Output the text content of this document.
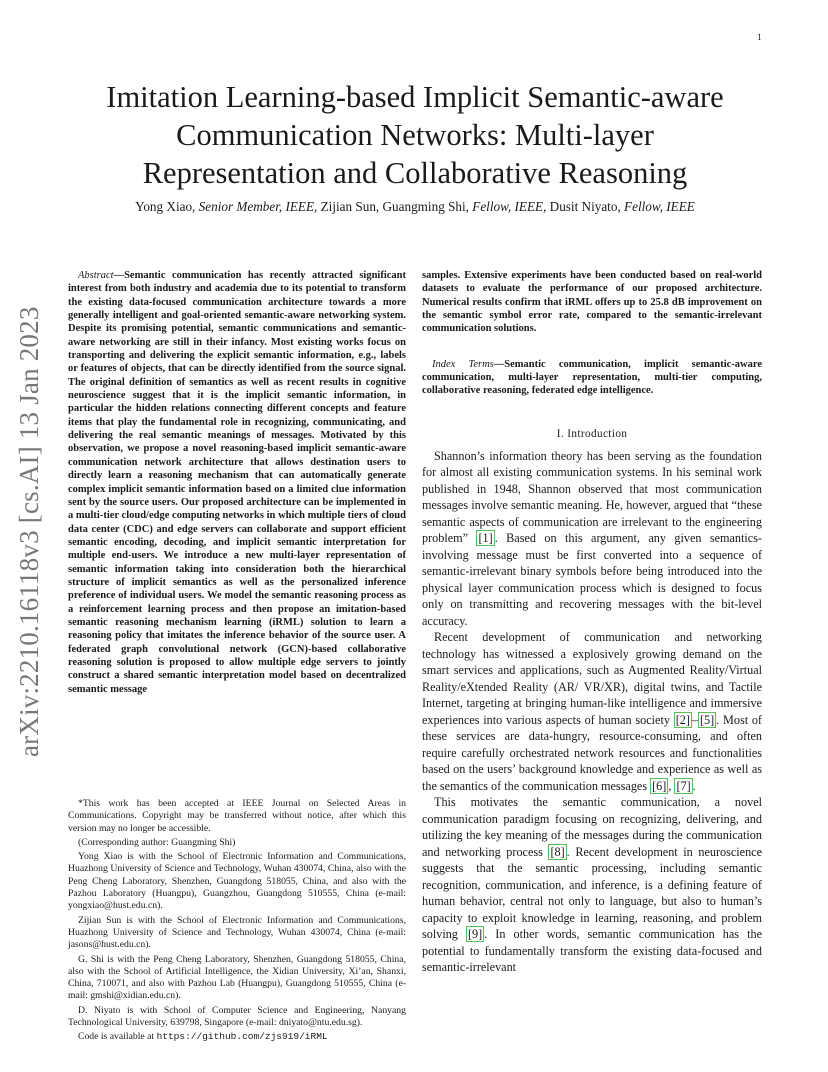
1
arXiv:2210.16118v3 [cs.AI] 13 Jan 2023
Imitation Learning-based Implicit Semantic-aware
Communication Networks: Multi-layer
Representation and Collaborative Reasoning
Yong Xiao, Senior Member, IEEE, Zijian Sun, Guangming Shi, Fellow, IEEE, Dusit Niyato, Fellow, IEEE

Abstract—Semantic communication has recently attracted significant interest from both industry and academia due to its potential to transform the existing data-focused communication architecture towards a more generally intelligent and goal-oriented semantic-aware networking system. Despite its promising potential, semantic communications and semantic-aware networking are still in their infancy. Most existing works focus on transporting and delivering the explicit semantic information, e.g., labels or features of objects, that can be directly identified from the source signal. The original definition of semantics as well as recent results in cognitive neuroscience suggest that it is the implicit semantic information, in particular the hidden relations connecting different concepts and feature items that play the fundamental role in recognizing, communicating, and delivering the real semantic meanings of messages. Motivated by this observation, we propose a novel reasoning-based implicit semantic-aware communication network architecture that allows destination users to directly learn a reasoning mechanism that can automatically generate complex implicit semantic information based on a limited clue information sent by the source users. Our proposed architecture can be implemented in a multi-tier cloud/edge computing networks in which multiple tiers of cloud data center (CDC) and edge servers can collaborate and support efficient semantic encoding, decoding, and implicit semantic interpretation for multiple end-users. We introduce a new multi-layer representation of semantic information taking into consideration both the hierarchical structure of implicit semantics as well as the personalized inference preference of individual users. We model the semantic reasoning process as a reinforcement learning process and then propose an imitation-based semantic reasoning mechanism learning (iRML) solution to learn a reasoning policy that imitates the inference behavior of the source user. A federated graph convolutional network (GCN)-based collaborative reasoning solution is proposed to allow multiple edge servers to jointly construct a shared semantic interpretation model based on decentralized semantic message

*This work has been accepted at IEEE Journal on Selected Areas in Communications. Copyright may be transferred without notice, after which this version may no longer be accessible.

(Corresponding author: Guangming Shi)

Yong Xiao is with the School of Electronic Information and Communications, Huazhong University of Science and Technology, Wuhan 430074, China, also with the Peng Cheng Laboratory, Shenzhen, Guangdong 518055, China, and also with the Pazhou Laboratory (Huangpu), Guangzhou, Guangdong 510555, China (e-mail: yongxiao@hust.edu.cn).

Zijian Sun is with the School of Electronic Information and Communications, Huazhong University of Science and Technology, Wuhan 430074, China (e-mail: jasons@hust.edu.cn).

G. Shi is with the Peng Cheng Laboratory, Shenzhen, Guangdong 518055, China, also with the School of Artificial Intelligence, the Xidian University, Xi’an, Shanxi, China, 710071, and also with Pazhou Lab (Huangpu), Guangdong 510555, China (e-mail: gmshi@xidian.edu.cn).

D. Niyato is with School of Computer Science and Engineering, Nanyang Technological University, 639798, Singapore (e-mail: dniyato@ntu.edu.sg).

Code is available at https://github.com/zjs919/iRML

samples. Extensive experiments have been conducted based on real-world datasets to evaluate the performance of our proposed architecture. Numerical results confirm that iRML offers up to 25.8 dB improvement on the semantic symbol error rate, compared to the semantic-irrelevant communication solutions.

Index Terms—Semantic communication, implicit semantic-aware communication, multi-layer representation, multi-tier computing, collaborative reasoning, federated edge intelligence.

I. Introduction

Shannon’s information theory has been serving as the foundation for almost all existing communication systems. In his seminal work published in 1948, Shannon observed that most communication messages involve semantic meaning. He, however, argued that “these semantic aspects of communication are irrelevant to the engineering problem” [1] . Based on this argument, any given semantics-involving message must be first converted into a sequence of semantic-irrelevant binary symbols before being introduced into the physical layer communication process which is designed to focus only on transmitting and recovering messages with the bit-level accuracy.

Recent development of communication and networking technology has witnessed a explosively growing demand on the smart services and applications, such as Augmented Reality/Virtual Reality/eXtended Reality (AR/ VR/XR), digital twins, and Tactile Internet, targeting at bringing human-like intelligence and immersive experiences into various aspects of human society [2] – [5] . Most of these services are data-hungry, resource-consuming, and often require carefully orchestrated network resources and functionalities based on the users’ background knowledge and experience as well as the semantics of the communication messages [6] , [7] .

This motivates the semantic communication, a novel communication paradigm focusing on recognizing, delivering, and utilizing the key meaning of the messages during the communication and networking process [8] . Recent development in neuroscience suggests that the semantic processing, including semantic recognition, communication, and inference, is a defining feature of human behavior, central not only to language, but also to human’s capacity to exploit knowledge in learning, reasoning, and problem solving [9] . In other words, semantic communication has the potential to fundamentally transform the existing data-focused and semantic-irrelevant
